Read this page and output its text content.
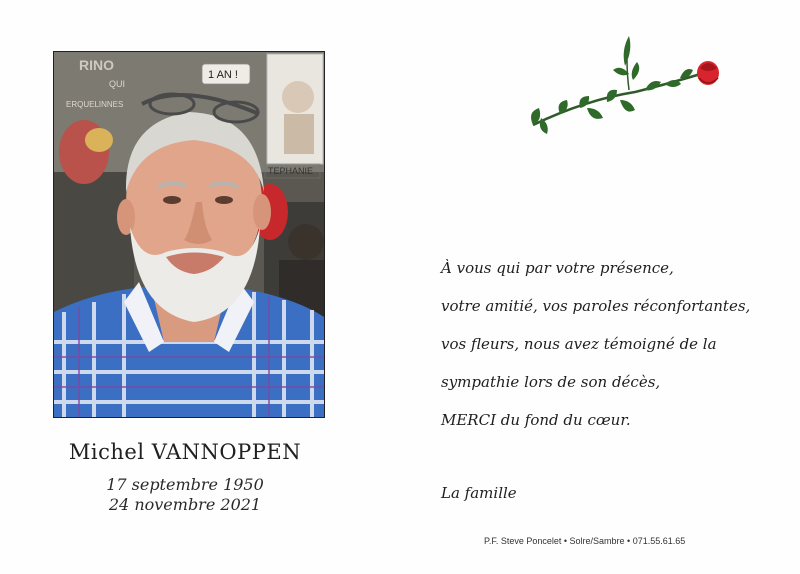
RINO
ERQUELINNES
QUI
TEPHANIE
1 AN !
Michel VANNOPPEN
17 septembre 1950
24 novembre 2021
À vous qui par votre présence,
votre amitié, vos paroles réconfortantes,
vos fleurs, nous avez témoigné de la
sympathie lors de son décès,
MERCI du fond du cœur.
La famille
P.F. Steve Poncelet • Solre/Sambre • 071.55.61.65
